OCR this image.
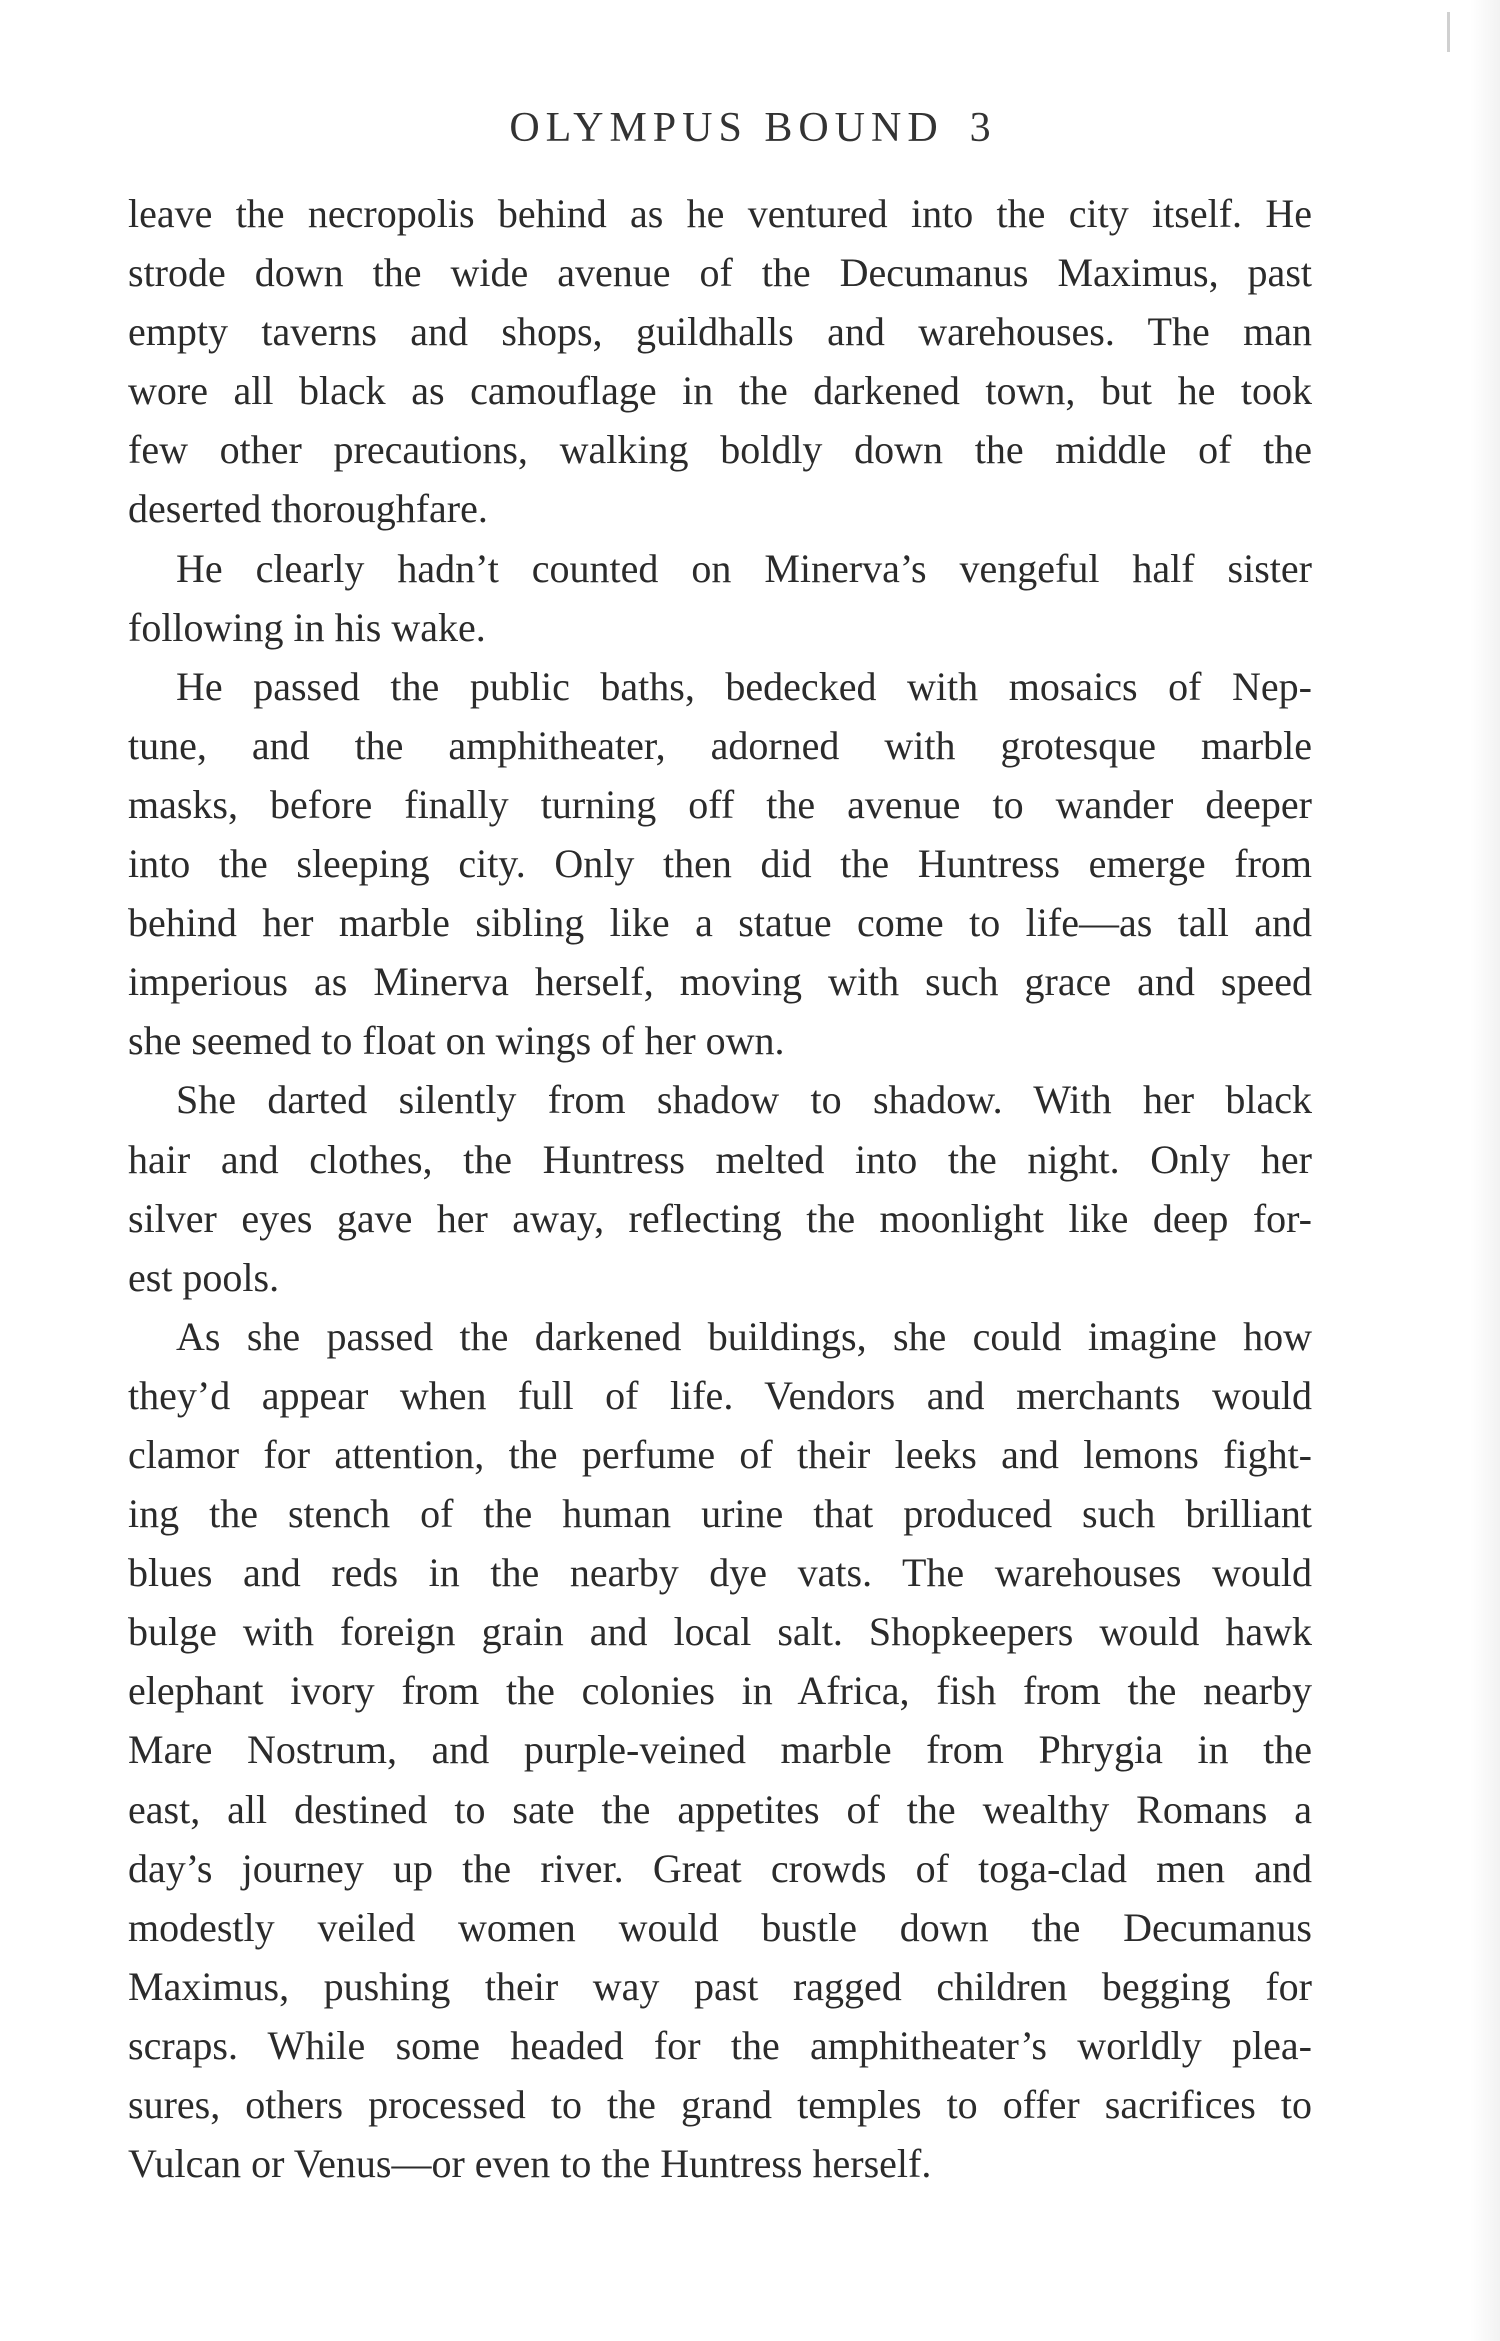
OLYMPUS BOUND 3
leave the necropolis behind as he ventured into the city itself. He
strode down the wide avenue of the Decumanus Maximus, past
empty taverns and shops, guildhalls and warehouses. The man
wore all black as camouflage in the darkened town, but he took
few other precautions, walking boldly down the middle of the
deserted thoroughfare.
He clearly hadn’t counted on Minerva’s vengeful half sister
following in his wake.
He passed the public baths, bedecked with mosaics of Nep-
tune, and the amphitheater, adorned with grotesque marble
masks, before finally turning off the avenue to wander deeper
into the sleeping city. Only then did the Huntress emerge from
behind her marble sibling like a statue come to life—as tall and
imperious as Minerva herself, moving with such grace and speed
she seemed to float on wings of her own.
She darted silently from shadow to shadow. With her black
hair and clothes, the Huntress melted into the night. Only her
silver eyes gave her away, reflecting the moonlight like deep for-
est pools.
As she passed the darkened buildings, she could imagine how
they’d appear when full of life. Vendors and merchants would
clamor for attention, the perfume of their leeks and lemons fight-
ing the stench of the human urine that produced such brilliant
blues and reds in the nearby dye vats. The warehouses would
bulge with foreign grain and local salt. Shopkeepers would hawk
elephant ivory from the colonies in Africa, fish from the nearby
Mare Nostrum, and purple-veined marble from Phrygia in the
east, all destined to sate the appetites of the wealthy Romans a
day’s journey up the river. Great crowds of toga-clad men and
modestly veiled women would bustle down the Decumanus
Maximus, pushing their way past ragged children begging for
scraps. While some headed for the amphitheater’s worldly plea-
sures, others processed to the grand temples to offer sacrifices to
Vulcan or Venus—or even to the Huntress herself.
